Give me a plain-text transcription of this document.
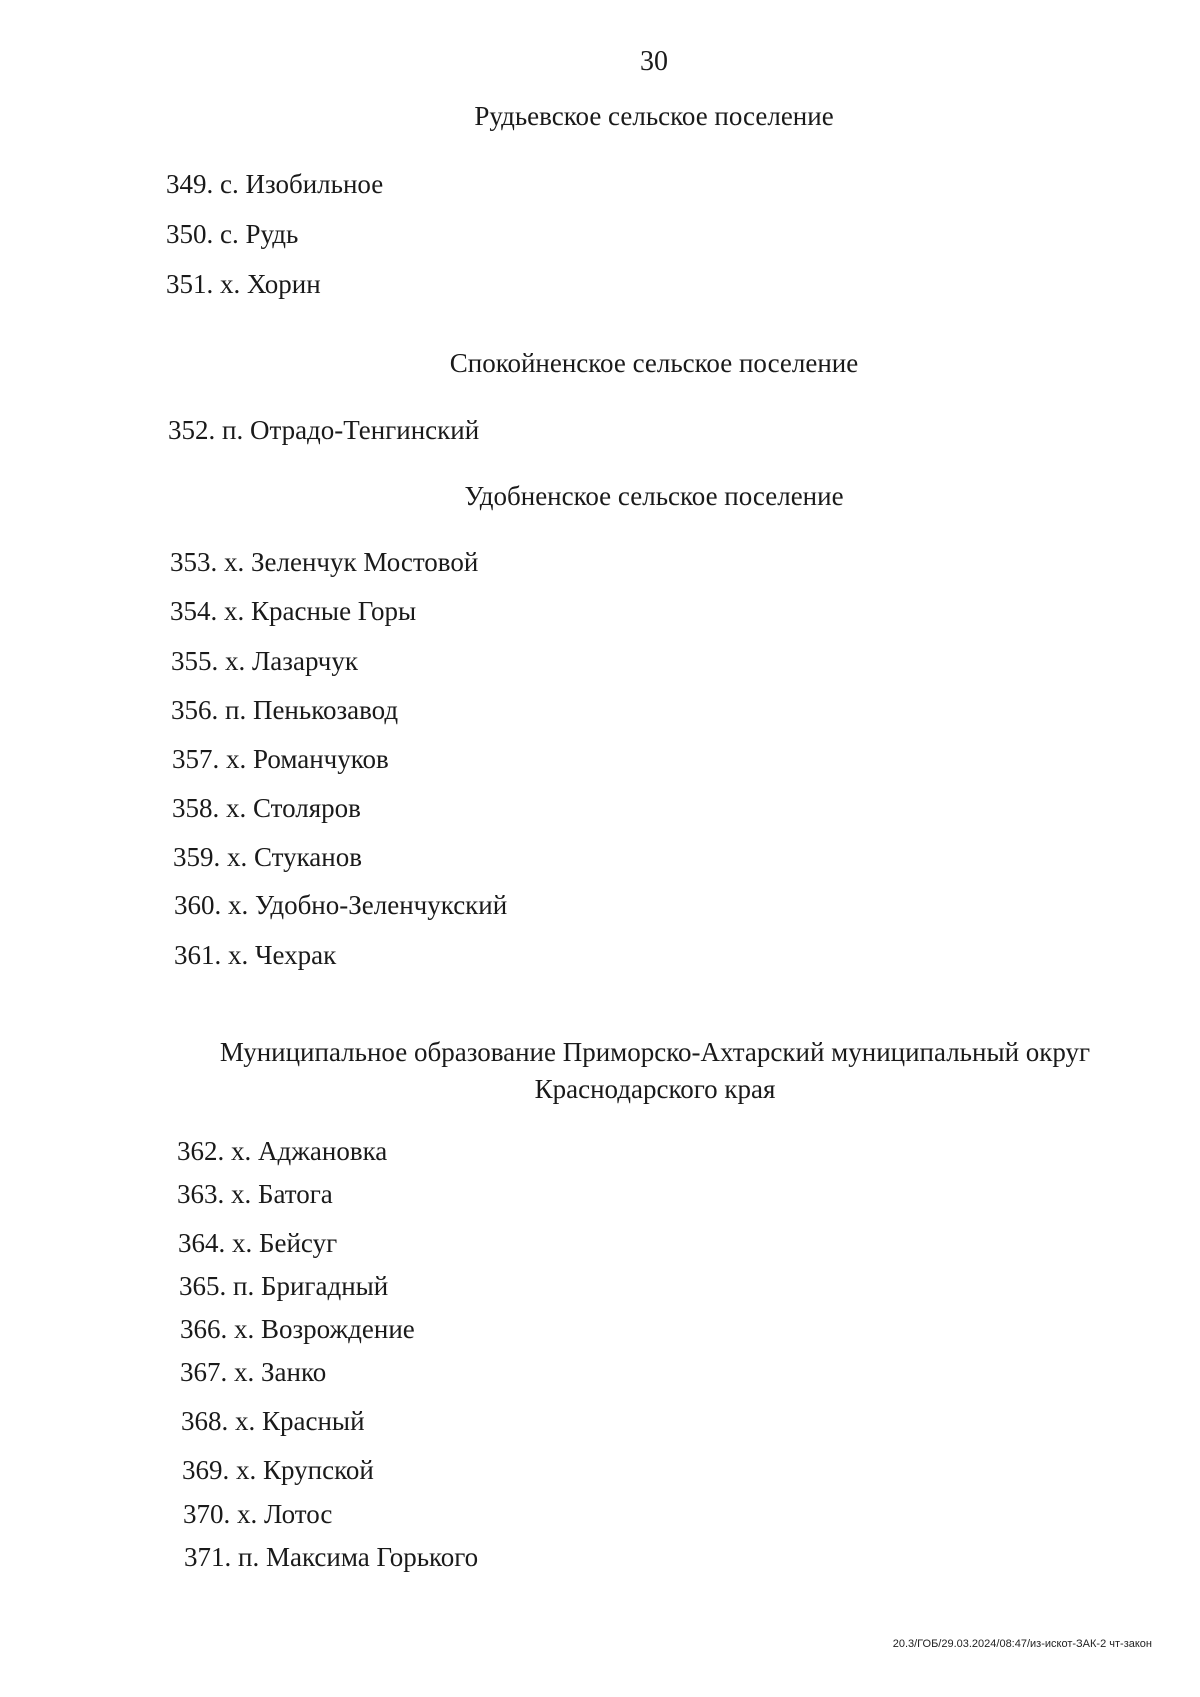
30
Рудьевское сельское поселение
349. с. Изобильное
350. с. Рудь
351. х. Хорин
Спокойненское сельское поселение
352. п. Отрадо-Тенгинский
Удобненское сельское поселение
353. х. Зеленчук Мостовой
354. х. Красные Горы
355. х. Лазарчук
356. п. Пенькозавод
357. х. Романчуков
358. х. Столяров
359. х. Стуканов
360. х. Удобно-Зеленчукский
361. х. Чехрак
Муниципальное образование Приморско-Ахтарский муниципальный округ
Краснодарского края
362. х. Аджановка
363. х. Батога
364. х. Бейсуг
365. п. Бригадный
366. х. Возрождение
367. х. Занко
368. х. Красный
369. х. Крупской
370. х. Лотос
371. п. Максима Горького
20.3/ГОБ/29.03.2024/08:47/из-искот-ЗАК-2 чт-закон
